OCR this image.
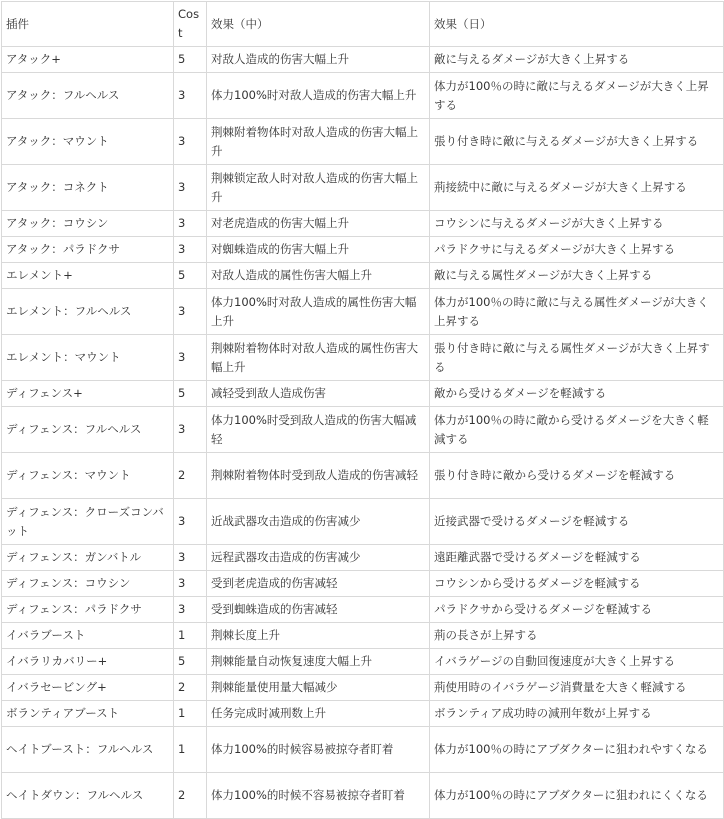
插件	Cost	效果（中）	效果（日）
アタック+	5	对敌人造成的伤害大幅上升	敵に与えるダメージが大きく上昇する
アタック：フルヘルス	3	体力100%时对敌人造成的伤害大幅上升	体力が100％の時に敵に与えるダメージが大きく上昇する
アタック：マウント	3	荆棘附着物体时对敌人造成的伤害大幅上升	張り付き時に敵に与えるダメージが大きく上昇する
アタック：コネクト	3	荆棘锁定敌人时对敌人造成的伤害大幅上升	荊接続中に敵に与えるダメージが大きく上昇する
アタック：コウシン	3	对老虎造成的伤害大幅上升	コウシンに与えるダメージが大きく上昇する
アタック：パラドクサ	3	对蜘蛛造成的伤害大幅上升	パラドクサに与えるダメージが大きく上昇する
エレメント+	5	对敌人造成的属性伤害大幅上升	敵に与える属性ダメージが大きく上昇する
エレメント：フルヘルス	3	体力100%时对敌人造成的属性伤害大幅上升	体力が100％の時に敵に与える属性ダメージが大きく上昇する
エレメント：マウント	3	荆棘附着物体时对敌人造成的属性伤害大幅上升	張り付き時に敵に与える属性ダメージが大きく上昇する
ディフェンス+	5	减轻受到敌人造成伤害	敵から受けるダメージを軽減する
ディフェンス：フルヘルス	3	体力100%时受到敌人造成的伤害大幅减轻	体力が100％の時に敵から受けるダメージを大きく軽減する
ディフェンス：マウント	2	荆棘附着物体时受到敌人造成的伤害减轻	張り付き時に敵から受けるダメージを軽減する
ディフェンス：クローズコンバット	3	近战武器攻击造成的伤害减少	近接武器で受けるダメージを軽減する
ディフェンス：ガンバトル	3	远程武器攻击造成的伤害减少	遠距離武器で受けるダメージを軽減する
ディフェンス：コウシン	3	受到老虎造成的伤害减轻	コウシンから受けるダメージを軽減する
ディフェンス：パラドクサ	3	受到蜘蛛造成的伤害减轻	パラドクサから受けるダメージを軽減する
イバラブースト	1	荆棘长度上升	荊の長さが上昇する
イバラリカバリー+	5	荆棘能量自动恢复速度大幅上升	イバラゲージの自動回復速度が大きく上昇する
イバラセービング+	2	荆棘能量使用量大幅减少	荊使用時のイバラゲージ消費量を大きく軽減する
ボランティアブースト	1	任务完成时减刑数上升	ボランティア成功時の減刑年数が上昇する
ヘイトブースト：フルヘルス	1	体力100%的时候容易被掠夺者盯着	体力が100％の時にアブダクターに狙われやすくなる
ヘイトダウン：フルヘルス	2	体力100%的时候不容易被掠夺者盯着	体力が100％の時にアブダクターに狙われにくくなる
